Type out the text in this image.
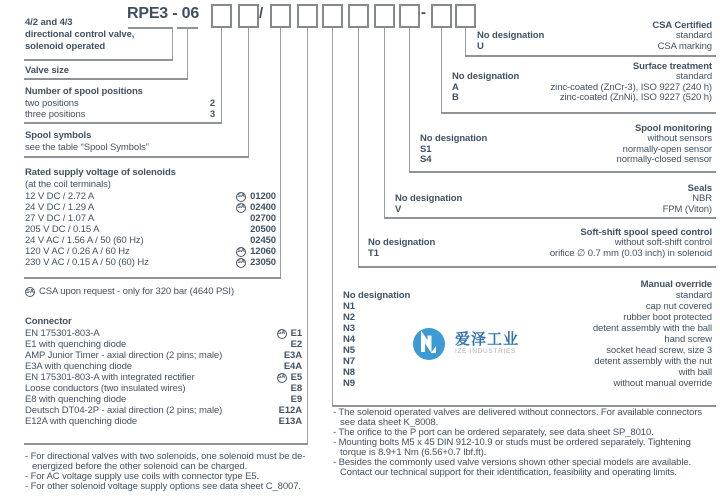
RPE3 - 06	/	-
4/2 and 4/3
directional control valve,
solenoid operated
Valve size
Number of spool positions
two positions	2
three positions	3
Spool symbols
see the table “Spool Symbols”
Rated supply voltage of solenoids
(at the coil terminals)
12 V DC / 2.72 A	SA 01200
24 V DC / 1.29 A	SA 02400
27 V DC / 1.07 A	02700
205 V DC / 0.15 A	20500
24 V AC / 1.56 A / 50 (60 Hz)	02450
120 V AC / 0.26 A / 60 Hz	SA 12060
230 V AC / 0.15 A / 50 (60) Hz	SA 23050
SA CSA upon request - only for 320 bar (4640 PSI)
Connector
EN 175301-803-A	SA E1
E1 with quenching diode	E2
AMP Junior Timer - axial direction (2 pins; male)	E3A
E3A with quenching diode	E4A
EN 175301-803-A with integrated rectifier	SA E5
Loose conductors (two insulated wires)	E8
E8 with quenching diode	E9
Deutsch DT04-2P - axial direction (2 pins; male)	E12A
E12A with quenching diode	E13A

- For directional valves with two solenoids, one solenoid must be de-energized before the other solenoid can be charged.

- For AC voltage supply use coils with connector type E5.

- For other solenoid voltage supply options see data sheet C_8007.

CSA Certified
No designation	standard
U	CSA marking
Surface treatment
No designation	standard
A	zinc-coated (ZnCr-3), ISO 9227 (240 h)
B	zinc-coated (ZnNi), ISO 9227 (520 h)
Spool monitoring
No designation	without sensors
S1	normally-open sensor
S4	normally-closed sensor
Seals
No designation	NBR
V	FPM (Viton)
Soft-shift spool speed control
No designation	without soft-shift control
T1	orifice ∅ 0.7 mm (0.03 inch) in solenoid
Manual override
No designation	standard
N1	cap nut covered
N2	rubber boot protected
N3	detent assembly with the ball
N4	hand screw
N5	socket head screw, size 3
N7	detent assembly with the nut
N8	with ball
N9	without manual override

- The solenoid operated valves are delivered without connectors. For available connectors see data sheet K_8008.

- The orifice to the P port can be ordered separately, see data sheet SP_8010.

- Mounting bolts M5 x 45 DIN 912-10.9 or studs must be ordered separately. Tightening torque is 8.9+1 Nm (6.56+0.7 lbf.ft).

- Besides the commonly used valve versions shown other special models are available. Contact our technical support for their identification, feasibility and operating limits.

爱泽工业
IZE INDUSTRIES
